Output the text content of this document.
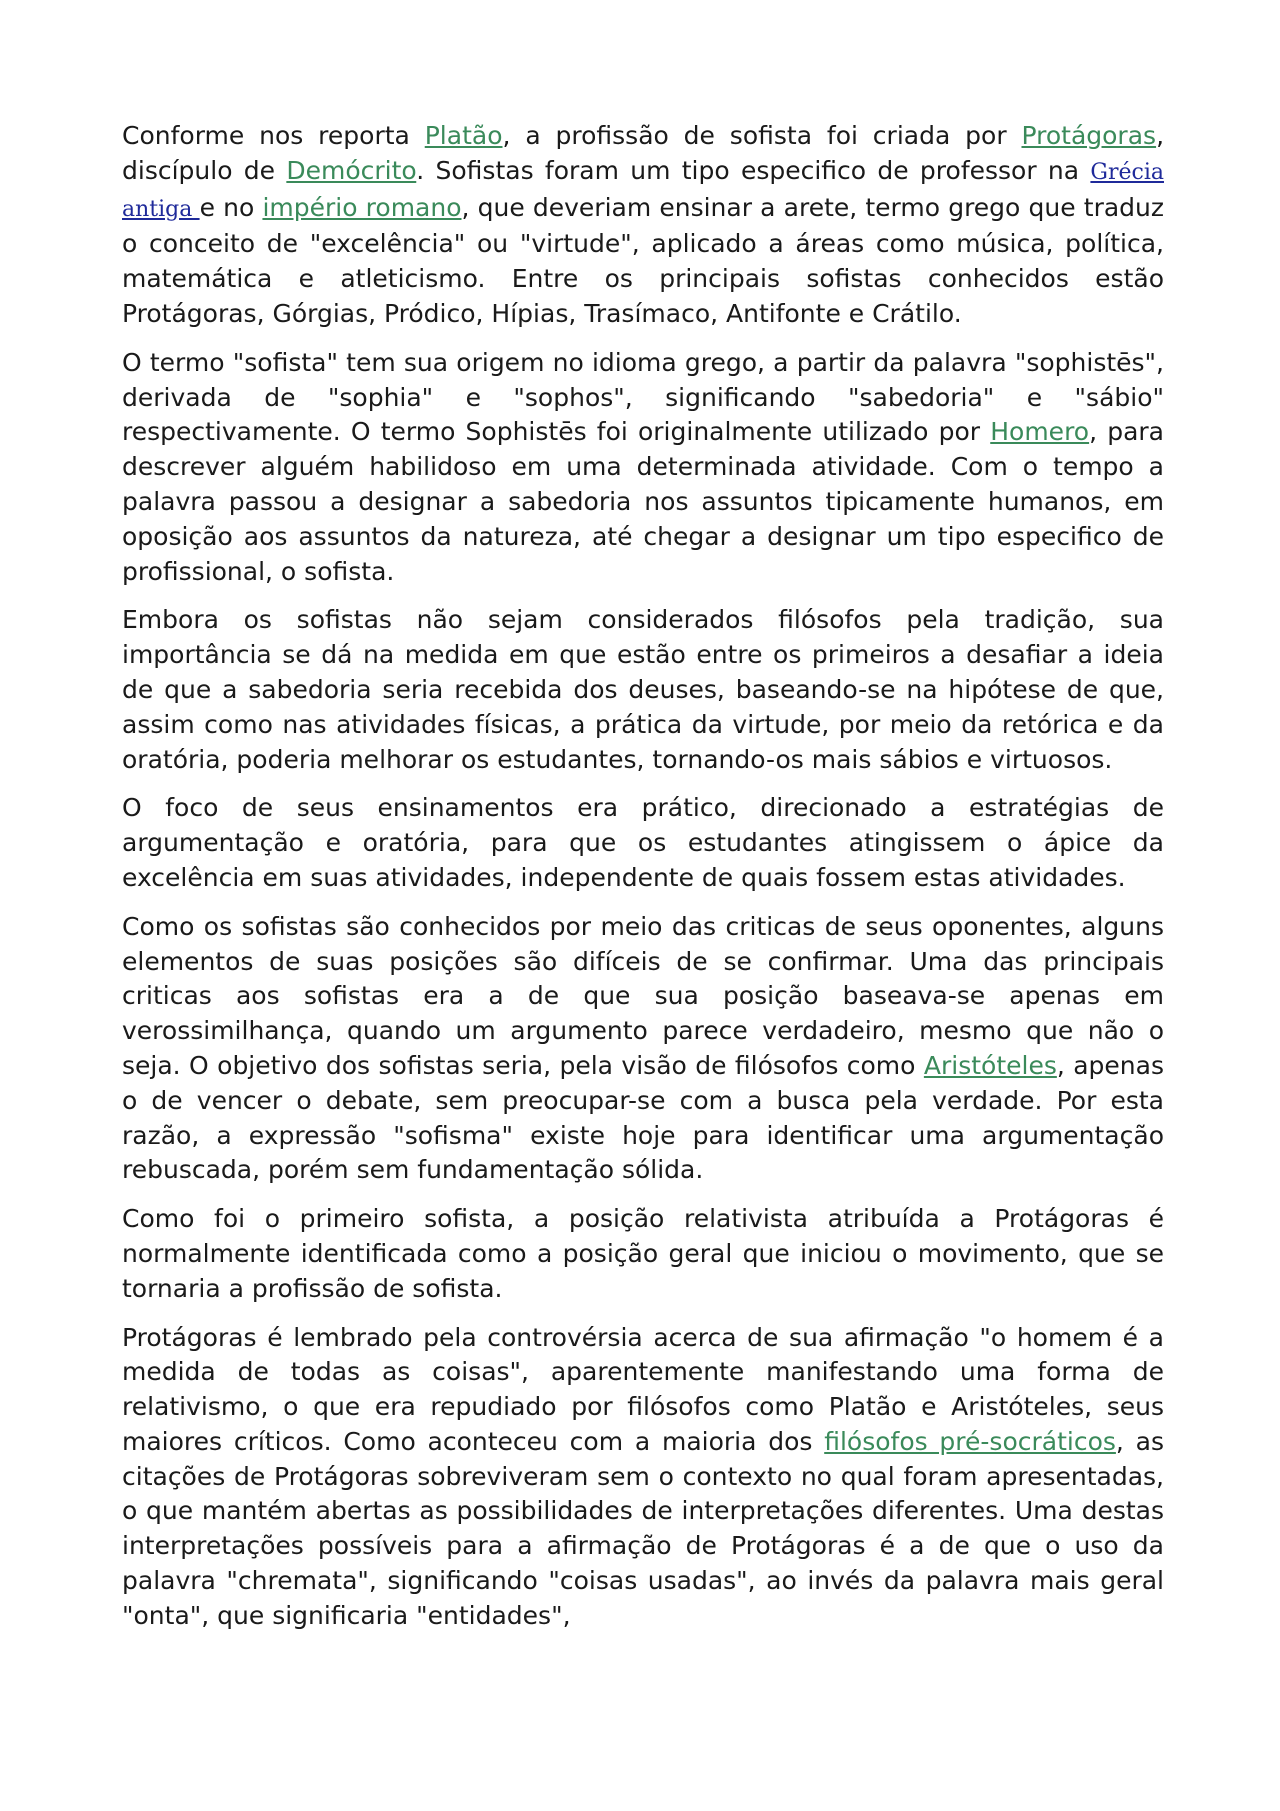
Conforme nos reporta Platão, a profissão de sofista foi criada por Protágoras, discípulo de Demócrito. Sofistas foram um tipo especifico de professor na Grécia antiga e no império romano, que deveriam ensinar a arete, termo grego que traduz o conceito de "excelência" ou "virtude", aplicado a áreas como música, política, matemática e atleticismo. Entre os principais sofistas conhecidos estão Protágoras, Górgias, Pródico, Hípias, Trasímaco, Antifonte e Crátilo.

O termo "sofista" tem sua origem no idioma grego, a partir da palavra "sophistēs", derivada de "sophia" e "sophos", significando "sabedoria" e "sábio" respectivamente. O termo Sophistēs foi originalmente utilizado por Homero, para descrever alguém habilidoso em uma determinada atividade. Com o tempo a palavra passou a designar a sabedoria nos assuntos tipicamente humanos, em oposição aos assuntos da natureza, até chegar a designar um tipo especifico de profissional, o sofista.

Embora os sofistas não sejam considerados filósofos pela tradição, sua importância se dá na medida em que estão entre os primeiros a desafiar a ideia de que a sabedoria seria recebida dos deuses, baseando-se na hipótese de que, assim como nas atividades físicas, a prática da virtude, por meio da retórica e da oratória, poderia melhorar os estudantes, tornando-os mais sábios e virtuosos.

O foco de seus ensinamentos era prático, direcionado a estratégias de argumentação e oratória, para que os estudantes atingissem o ápice da excelência em suas atividades, independente de quais fossem estas atividades.

Como os sofistas são conhecidos por meio das criticas de seus oponentes, alguns elementos de suas posições são difíceis de se confirmar. Uma das principais criticas aos sofistas era a de que sua posição baseava-se apenas em verossimilhança, quando um argumento parece verdadeiro, mesmo que não o seja. O objetivo dos sofistas seria, pela visão de filósofos como Aristóteles, apenas o de vencer o debate, sem preocupar-se com a busca pela verdade. Por esta razão, a expressão "sofisma" existe hoje para identificar uma argumentação rebuscada, porém sem fundamentação sólida.

Como foi o primeiro sofista, a posição relativista atribuída a Protágoras é normalmente identificada como a posição geral que iniciou o movimento, que se tornaria a profissão de sofista.

Protágoras é lembrado pela controvérsia acerca de sua afirmação "o homem é a medida de todas as coisas", aparentemente manifestando uma forma de relativismo, o que era repudiado por filósofos como Platão e Aristóteles, seus maiores críticos. Como aconteceu com a maioria dos filósofos pré-socráticos, as citações de Protágoras sobreviveram sem o contexto no qual foram apresentadas, o que mantém abertas as possibilidades de interpretações diferentes. Uma destas interpretações possíveis para a afirmação de Protágoras é a de que o uso da palavra "chremata", significando "coisas usadas", ao invés da palavra mais geral "onta", que significaria "entidades",
